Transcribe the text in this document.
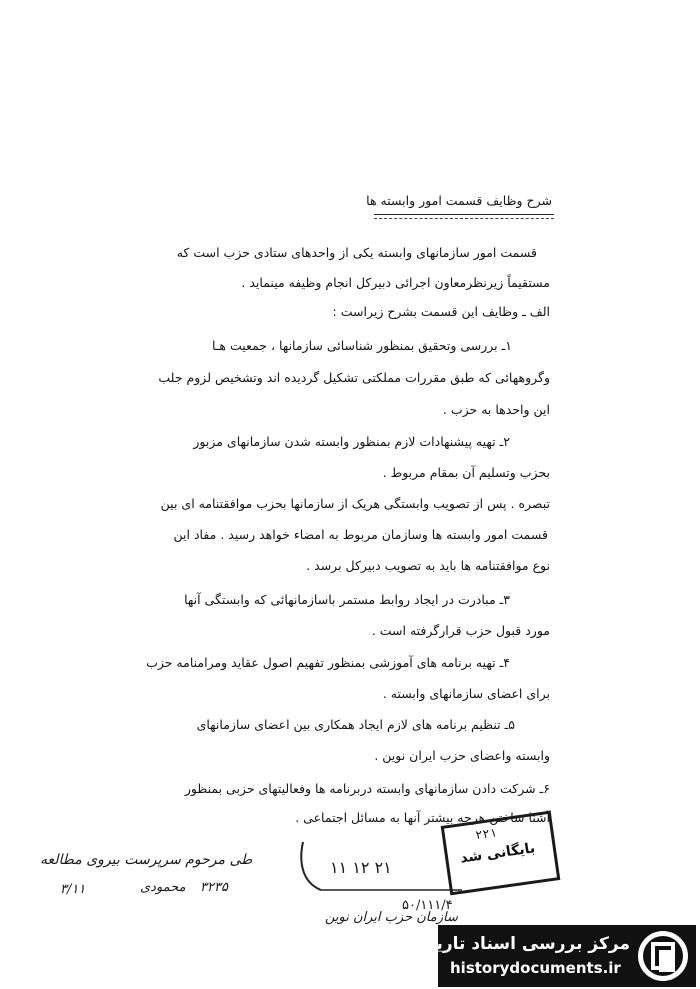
شرح وظایف قسمت امور وابسته ها
قسمت امور سازمانهای وابسته یکی از واحدهای ستادی حزب است که
مستقیماً زیرنظرمعاون اجرائی دبیرکل انجام وظیفه مینماید .
الف ـ وظایف این قسمت بشرح زیراست :
۱ـ بررسی وتحقیق بمنظور شناسائی سازمانها ، جمعیت هـا
وگروههائی که طبق مقررات مملکتی تشکیل گردیده اند وتشخیص لزوم جلب
این واحدها به حزب .
۲ـ تهیه پیشنهادات لازم بمنظور وابسته شدن سازمانهای مزبور
بحزب وتسلیم آن بمقام مربوط .
تبصره . پس از تصویب وابستگی هریک از سازمانها بحزب موافقتنامه ای بین
قسمت امور وابسته ها وسازمان مربوط به امضاء خواهد رسید . مفاد این
نوع موافقتنامه ها باید به تصویب دبیرکل برسد .
۳ـ مبادرت در ایجاد روابط مستمر باسازمانهائی که وابستگی آنها
مورد قبول حزب قرارگرفته است .
۴ـ تهیه برنامه های آموزشی بمنظور تفهیم اصول عقاید ومرامنامه حزب
برای اعضای سازمانهای وابسته .
۵ـ تنظیم برنامه های لازم ایجاد همکاری بین اعضای سازمانهای
وابسته واعضای حزب ایران نوین .
۶ـ شرکت دادن سازمانهای وابسته دربرنامه ها وفعالیتهای حزبی بمنظور
آشنا ساختن هرچه بیشتر آنها به مسائل اجتماعی .
طی مرحوم سرپرست بیروی مطالعه
۳۲۳۵
محمودی
۳/۱۱
۲۱ ۱۲ ۱۱
۵۰/۱۱۱/۴
سازمان حزب ایران نوین
۲۲۱
بایگانی شد
مرکز بررسی اسناد تاریخی
historydocuments.ir
